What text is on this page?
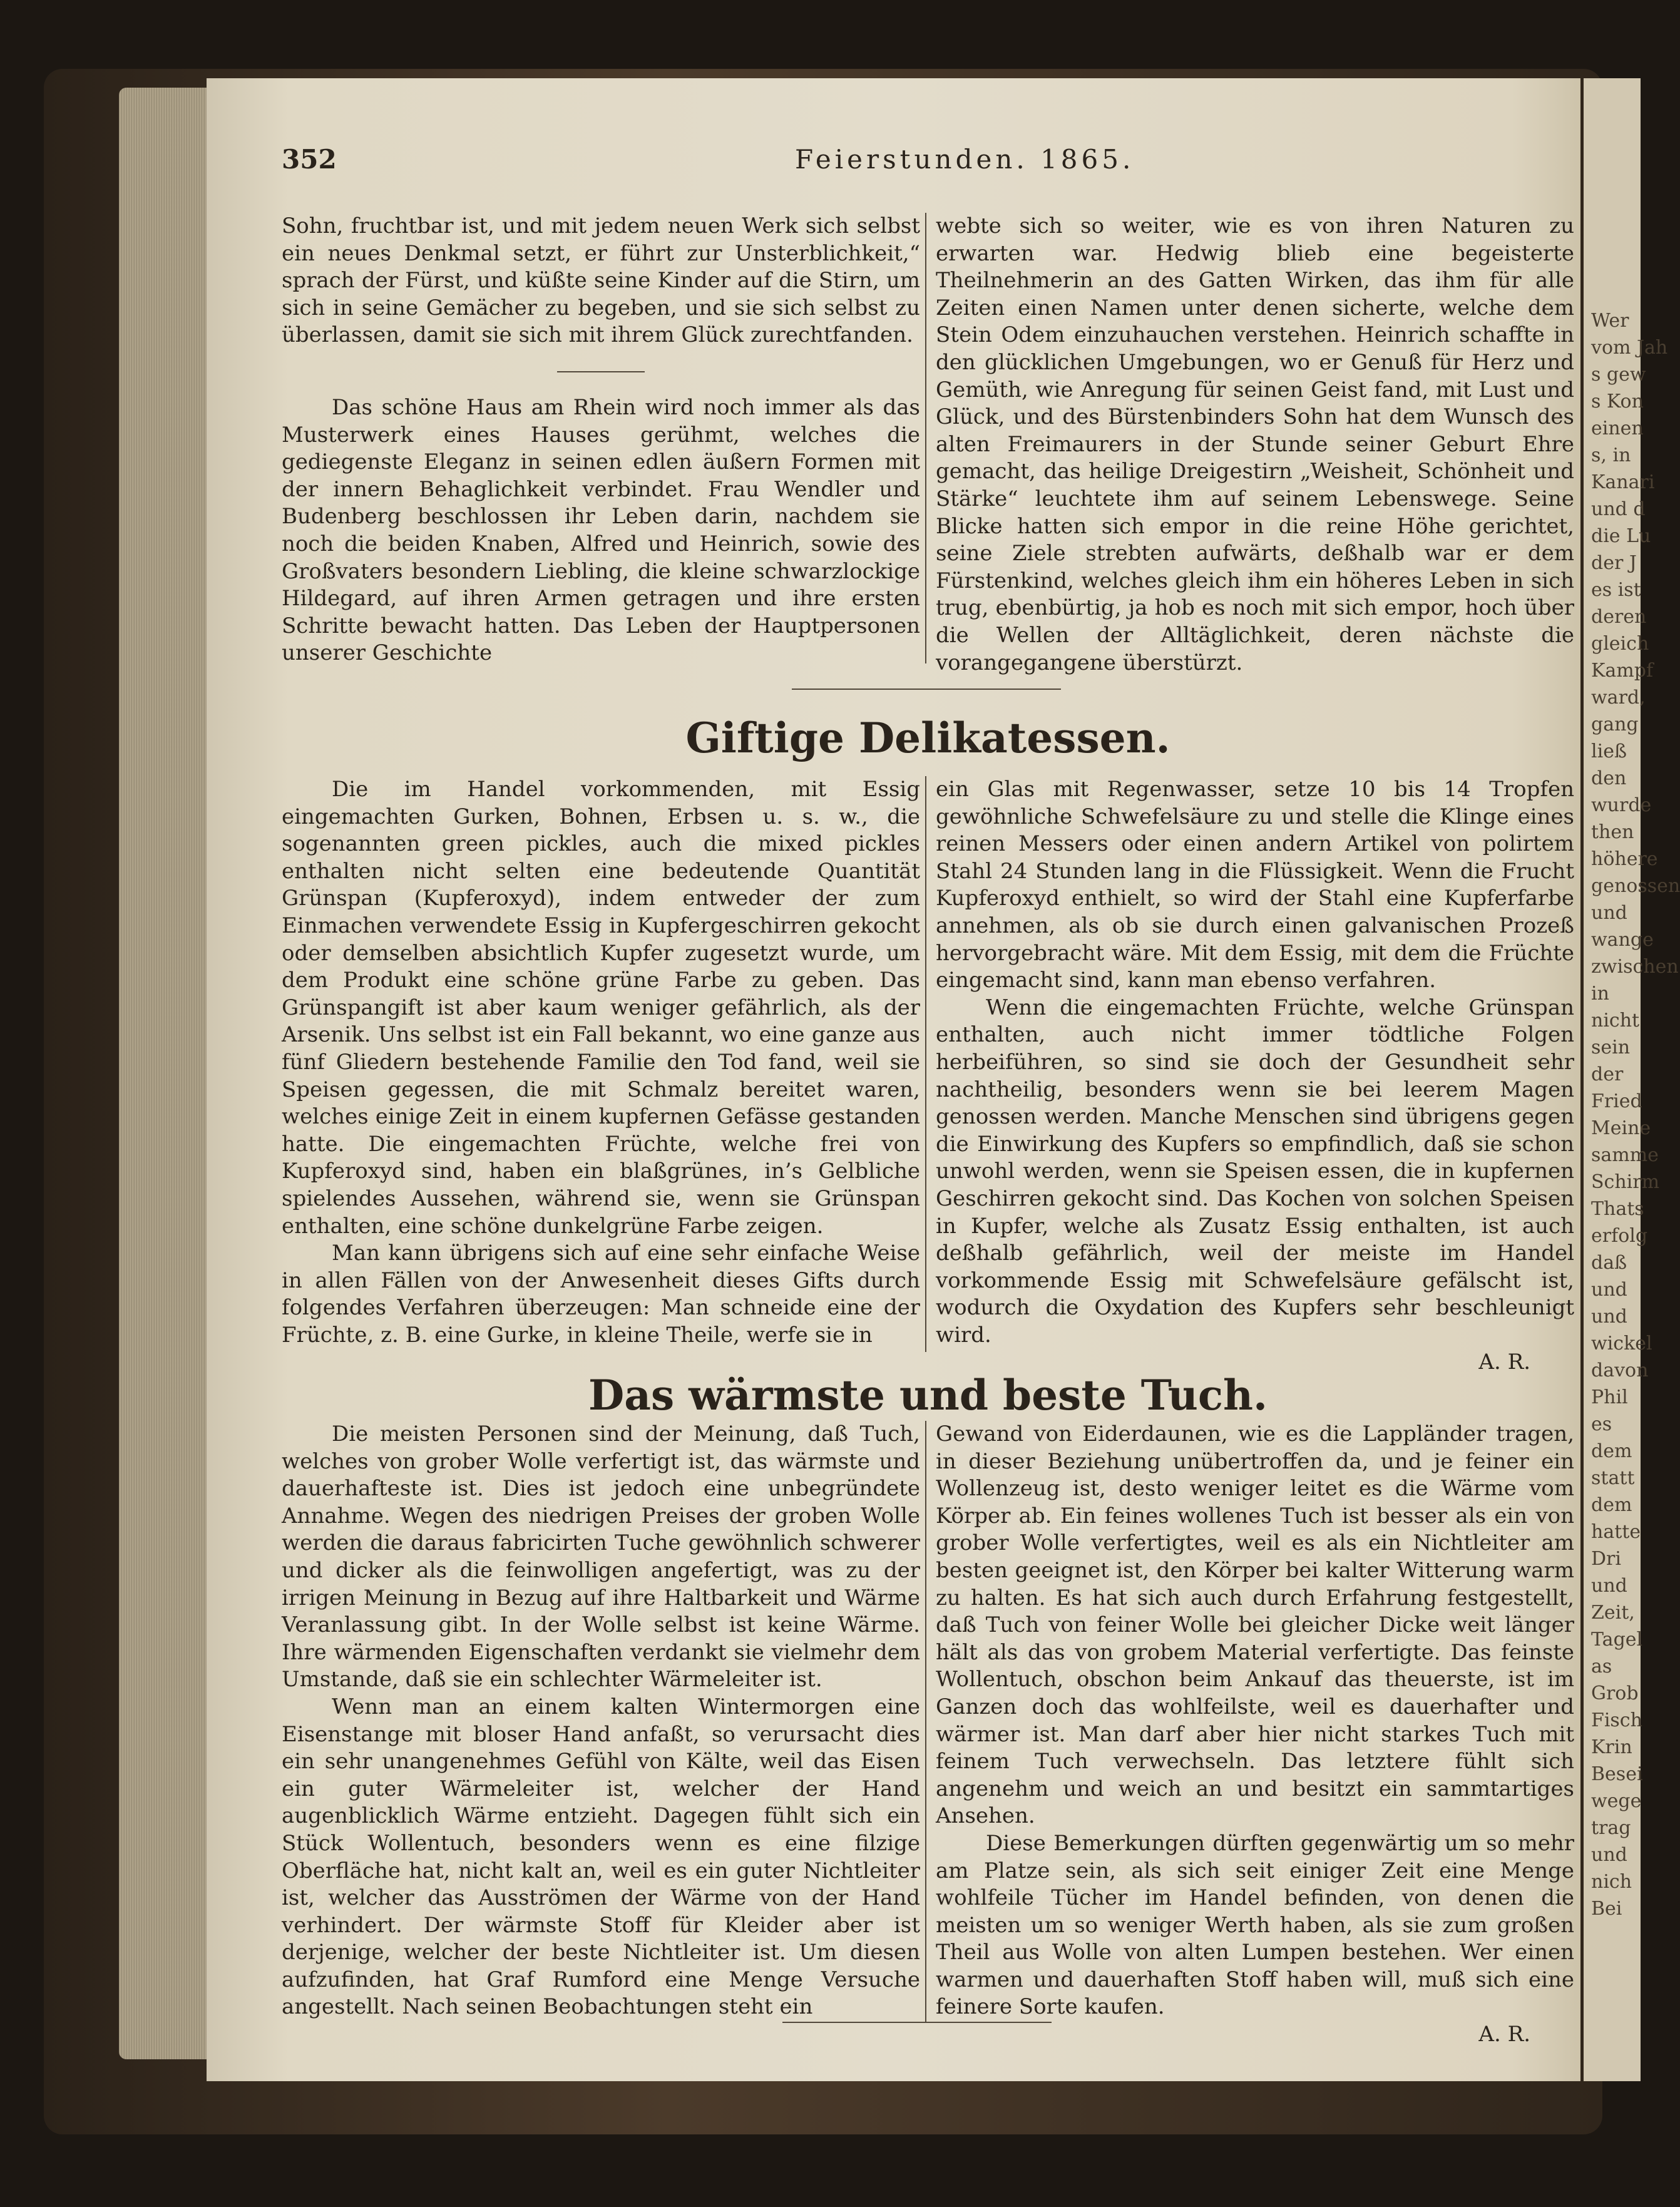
Wer
vom Jah
s gew
s Kon
einen
s, in
Kanari
und d
die Lu
der J
es ist
deren
gleich
Kampf
ward,
gang
ließ
den
wurde
then
höhere
genossen
und
wange
zwischen
in
nicht
sein
der
Fried
Meine
samme
Schirm
Thats
erfolg
daß
und
und
wickel
davon
Phil
es
dem
statt
dem
hatte
Dri
und
Zeit,
Tagel
as
Grob
Fisch
Krin
Besei
wege
trag
und
nich
Bei
352	Feierstunden. 1865.

Sohn, fruchtbar ist, und mit jedem neuen Werk sich selbst ein neues Denkmal setzt, er führt zur Unsterblichkeit,“ sprach der Fürst, und küßte seine Kinder auf die Stirn, um sich in seine Gemächer zu begeben, und sie sich selbst zu überlassen, damit sie sich mit ihrem Glück zurechtfanden.

Das schöne Haus am Rhein wird noch immer als das Musterwerk eines Hauses gerühmt, welches die gediegenste Eleganz in seinen edlen äußern Formen mit der innern Behaglichkeit verbindet. Frau Wendler und Budenberg beschlossen ihr Leben darin, nachdem sie noch die beiden Knaben, Alfred und Heinrich, sowie des Großvaters besondern Liebling, die kleine schwarzlockige Hildegard, auf ihren Armen getragen und ihre ersten Schritte bewacht hatten. Das Leben der Hauptpersonen unserer Geschichte

webte sich so weiter, wie es von ihren Naturen zu erwarten war. Hedwig blieb eine begeisterte Theilnehmerin an des Gatten Wirken, das ihm für alle Zeiten einen Namen unter denen sicherte, welche dem Stein Odem einzuhauchen verstehen. Heinrich schaffte in den glücklichen Umgebungen, wo er Genuß für Herz und Gemüth, wie Anregung für seinen Geist fand, mit Lust und Glück, und des Bürstenbinders Sohn hat dem Wunsch des alten Freimaurers in der Stunde seiner Geburt Ehre gemacht, das heilige Dreigestirn „Weisheit, Schönheit und Stärke“ leuchtete ihm auf seinem Lebenswege. Seine Blicke hatten sich empor in die reine Höhe gerichtet, seine Ziele strebten aufwärts, deßhalb war er dem Fürstenkind, welches gleich ihm ein höheres Leben in sich trug, ebenbürtig, ja hob es noch mit sich empor, hoch über die Wellen der Alltäglichkeit, deren nächste die vorangegangene überstürzt.

Giftige Delikatessen.

Die im Handel vorkommenden, mit Essig eingemachten Gurken, Bohnen, Erbsen u. s. w., die sogenannten green pickles, auch die mixed pickles enthalten nicht selten eine bedeutende Quantität Grünspan (Kupferoxyd), indem entweder der zum Einmachen verwendete Essig in Kupfergeschirren gekocht oder demselben absichtlich Kupfer zugesetzt wurde, um dem Produkt eine schöne grüne Farbe zu geben. Das Grünspangift ist aber kaum weniger gefährlich, als der Arsenik. Uns selbst ist ein Fall bekannt, wo eine ganze aus fünf Gliedern bestehende Familie den Tod fand, weil sie Speisen gegessen, die mit Schmalz bereitet waren, welches einige Zeit in einem kupfernen Gefässe gestanden hatte. Die eingemachten Früchte, welche frei von Kupferoxyd sind, haben ein blaßgrünes, in’s Gelbliche spielendes Aussehen, während sie, wenn sie Grünspan enthalten, eine schöne dunkelgrüne Farbe zeigen.

Man kann übrigens sich auf eine sehr einfache Weise in allen Fällen von der Anwesenheit dieses Gifts durch folgendes Verfahren überzeugen: Man schneide eine der Früchte, z. B. eine Gurke, in kleine Theile, werfe sie in

ein Glas mit Regenwasser, setze 10 bis 14 Tropfen gewöhnliche Schwefelsäure zu und stelle die Klinge eines reinen Messers oder einen andern Artikel von polirtem Stahl 24 Stunden lang in die Flüssigkeit. Wenn die Frucht Kupferoxyd enthielt, so wird der Stahl eine Kupferfarbe annehmen, als ob sie durch einen galvanischen Prozeß hervorgebracht wäre. Mit dem Essig, mit dem die Früchte eingemacht sind, kann man ebenso verfahren.

Wenn die eingemachten Früchte, welche Grünspan enthalten, auch nicht immer tödtliche Folgen herbeiführen, so sind sie doch der Gesundheit sehr nachtheilig, besonders wenn sie bei leerem Magen genossen werden. Manche Menschen sind übrigens gegen die Einwirkung des Kupfers so empfindlich, daß sie schon unwohl werden, wenn sie Speisen essen, die in kupfernen Geschirren gekocht sind. Das Kochen von solchen Speisen in Kupfer, welche als Zusatz Essig enthalten, ist auch deßhalb gefährlich, weil der meiste im Handel vorkommende Essig mit Schwefelsäure gefälscht ist, wodurch die Oxydation des Kupfers sehr beschleunigt wird.

A. R.

Das wärmste und beste Tuch.

Die meisten Personen sind der Meinung, daß Tuch, welches von grober Wolle verfertigt ist, das wärmste und dauerhafteste ist. Dies ist jedoch eine unbegründete Annahme. Wegen des niedrigen Preises der groben Wolle werden die daraus fabricirten Tuche gewöhnlich schwerer und dicker als die feinwolligen angefertigt, was zu der irrigen Meinung in Bezug auf ihre Haltbarkeit und Wärme Veranlassung gibt. In der Wolle selbst ist keine Wärme. Ihre wärmenden Eigenschaften verdankt sie vielmehr dem Umstande, daß sie ein schlechter Wärmeleiter ist.

Wenn man an einem kalten Wintermorgen eine Eisenstange mit bloser Hand anfaßt, so verursacht dies ein sehr unangenehmes Gefühl von Kälte, weil das Eisen ein guter Wärmeleiter ist, welcher der Hand augenblicklich Wärme entzieht. Dagegen fühlt sich ein Stück Wollentuch, besonders wenn es eine filzige Oberfläche hat, nicht kalt an, weil es ein guter Nichtleiter ist, welcher das Ausströmen der Wärme von der Hand verhindert. Der wärmste Stoff für Kleider aber ist derjenige, welcher der beste Nichtleiter ist. Um diesen aufzufinden, hat Graf Rumford eine Menge Versuche angestellt. Nach seinen Beobachtungen steht ein

Gewand von Eiderdaunen, wie es die Lappländer tragen, in dieser Beziehung unübertroffen da, und je feiner ein Wollenzeug ist, desto weniger leitet es die Wärme vom Körper ab. Ein feines wollenes Tuch ist besser als ein von grober Wolle verfertigtes, weil es als ein Nichtleiter am besten geeignet ist, den Körper bei kalter Witterung warm zu halten. Es hat sich auch durch Erfahrung festgestellt, daß Tuch von feiner Wolle bei gleicher Dicke weit länger hält als das von grobem Material verfertigte. Das feinste Wollentuch, obschon beim Ankauf das theuerste, ist im Ganzen doch das wohlfeilste, weil es dauerhafter und wärmer ist. Man darf aber hier nicht starkes Tuch mit feinem Tuch verwechseln. Das letztere fühlt sich angenehm und weich an und besitzt ein sammtartiges Ansehen.

Diese Bemerkungen dürften gegenwärtig um so mehr am Platze sein, als sich seit einiger Zeit eine Menge wohlfeile Tücher im Handel befinden, von denen die meisten um so weniger Werth haben, als sie zum großen Theil aus Wolle von alten Lumpen bestehen. Wer einen warmen und dauerhaften Stoff haben will, muß sich eine feinere Sorte kaufen.

A. R.
